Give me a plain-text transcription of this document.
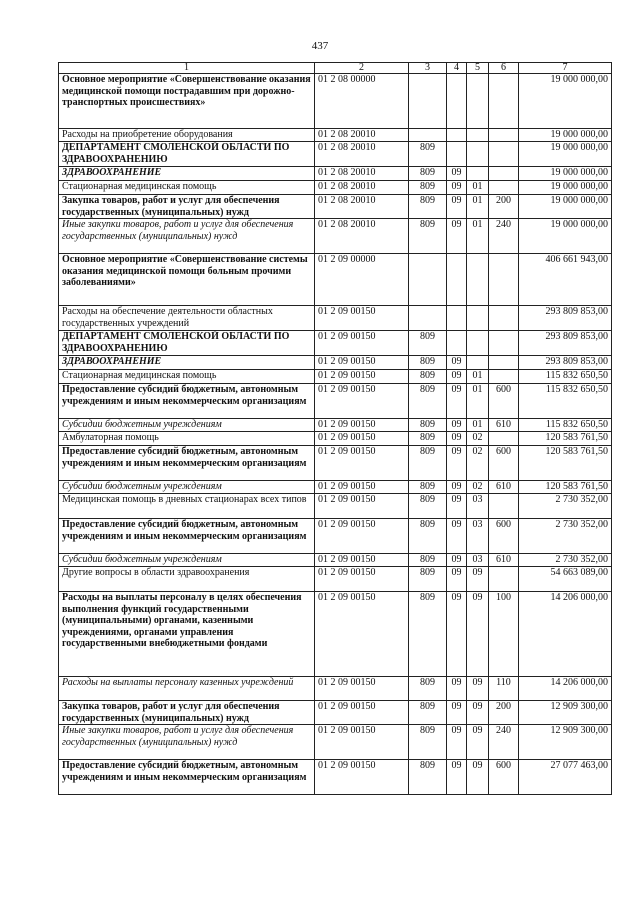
437
1	2	3	4	5	6	7
Основное мероприятие «Совершенствование оказания медицинской помощи пострадавшим при дорожно-транспортных происшествиях»	01 2 08 00000					19 000 000,00
Расходы на приобретение оборудования	01 2 08 20010					19 000 000,00
ДЕПАРТАМЕНТ СМОЛЕНСКОЙ ОБЛАСТИ ПО ЗДРАВООХРАНЕНИЮ	01 2 08 20010	809				19 000 000,00
ЗДРАВООХРАНЕНИЕ	01 2 08 20010	809	09			19 000 000,00
Стационарная медицинская помощь	01 2 08 20010	809	09	01		19 000 000,00
Закупка товаров, работ и услуг для обеспечения государственных (муниципальных) нужд	01 2 08 20010	809	09	01	200	19 000 000,00
Иные закупки товаров, работ и услуг для обеспечения государственных (муниципальных) нужд	01 2 08 20010	809	09	01	240	19 000 000,00
Основное мероприятие «Совершенствование системы оказания медицинской помощи больным прочими заболеваниями»	01 2 09 00000					406 661 943,00
Расходы на обеспечение деятельности областных государственных учреждений	01 2 09 00150					293 809 853,00
ДЕПАРТАМЕНТ СМОЛЕНСКОЙ ОБЛАСТИ ПО ЗДРАВООХРАНЕНИЮ	01 2 09 00150	809				293 809 853,00
ЗДРАВООХРАНЕНИЕ	01 2 09 00150	809	09			293 809 853,00
Стационарная медицинская помощь	01 2 09 00150	809	09	01		115 832 650,50
Предоставление субсидий бюджетным, автономным учреждениям и иным некоммерческим организациям	01 2 09 00150	809	09	01	600	115 832 650,50
Субсидии бюджетным учреждениям	01 2 09 00150	809	09	01	610	115 832 650,50
Амбулаторная помощь	01 2 09 00150	809	09	02		120 583 761,50
Предоставление субсидий бюджетным, автономным учреждениям и иным некоммерческим организациям	01 2 09 00150	809	09	02	600	120 583 761,50
Субсидии бюджетным учреждениям	01 2 09 00150	809	09	02	610	120 583 761,50
Медицинская помощь в дневных стационарах всех типов	01 2 09 00150	809	09	03		2 730 352,00
Предоставление субсидий бюджетным, автономным учреждениям и иным некоммерческим организациям	01 2 09 00150	809	09	03	600	2 730 352,00
Субсидии бюджетным учреждениям	01 2 09 00150	809	09	03	610	2 730 352,00
Другие вопросы в области здравоохранения	01 2 09 00150	809	09	09		54 663 089,00
Расходы на выплаты персоналу в целях обеспечения выполнения функций государственными (муниципальными) органами, казенными учреждениями, органами управления государственными внебюджетными фондами	01 2 09 00150	809	09	09	100	14 206 000,00
Расходы на выплаты персоналу казенных учреждений	01 2 09 00150	809	09	09	110	14 206 000,00
Закупка товаров, работ и услуг для обеспечения государственных (муниципальных) нужд	01 2 09 00150	809	09	09	200	12 909 300,00
Иные закупки товаров, работ и услуг для обеспечения государственных (муниципальных) нужд	01 2 09 00150	809	09	09	240	12 909 300,00
Предоставление субсидий бюджетным, автономным учреждениям и иным некоммерческим организациям	01 2 09 00150	809	09	09	600	27 077 463,00
